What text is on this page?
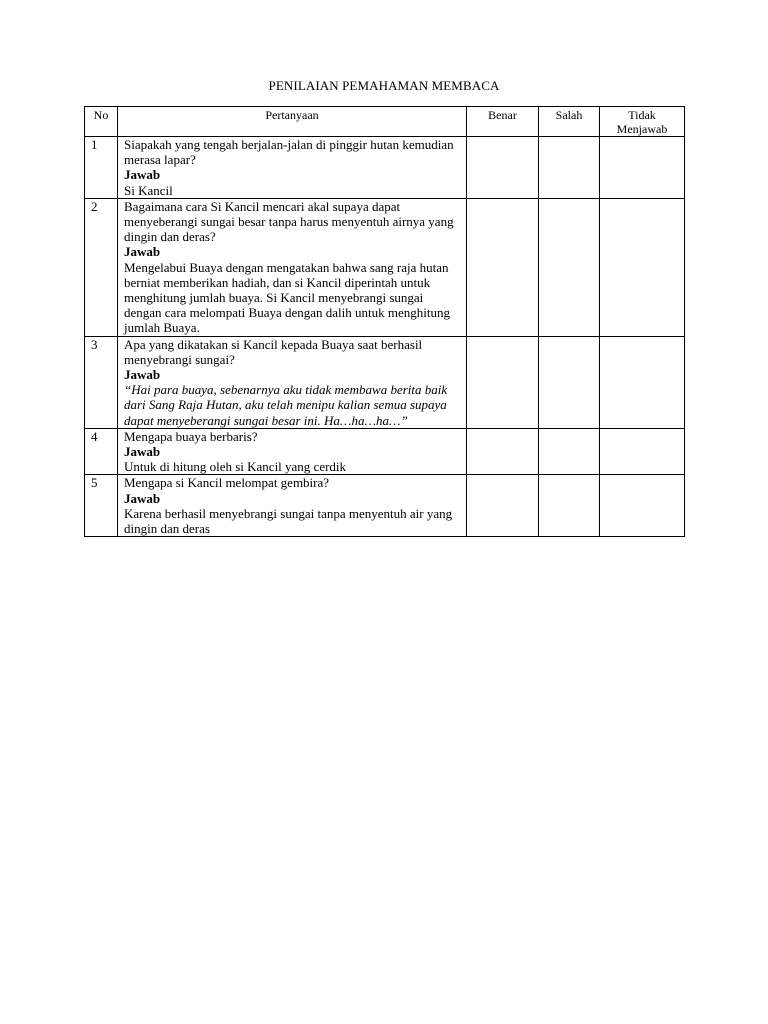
PENILAIAN PEMAHAMAN MEMBACA
No	Pertanyaan	Benar	Salah	Tidak
Menjawab
1	Siapakah yang tengah berjalan-jalan di pinggir hutan kemudian merasa lapar?
Jawab
Si Kancil			

2	Bagaimana cara Si Kancil mencari akal supaya dapat menyeberangi sungai besar tanpa harus menyentuh airnya yang dingin dan deras?
Jawab
Mengelabui Buaya dengan mengatakan bahwa sang raja hutan berniat memberikan hadiah, dan si Kancil diperintah untuk menghitung jumlah buaya. Si Kancil menyebrangi sungai dengan cara melompati Buaya dengan dalih untuk menghitung jumlah Buaya.			

3	Apa yang dikatakan si Kancil kepada Buaya saat berhasil menyebrangi sungai?
Jawab
“Hai para buaya, sebenarnya aku tidak membawa berita baik dari Sang Raja Hutan, aku telah menipu kalian semua supaya dapat menyeberangi sungai besar ini. Ha…ha…ha…”			

4	Mengapa buaya berbaris?
Jawab
Untuk di hitung oleh si Kancil yang cerdik			

5	Mengapa si Kancil melompat gembira?
Jawab
Karena berhasil menyebrangi sungai tanpa menyentuh air yang dingin dan deras			
